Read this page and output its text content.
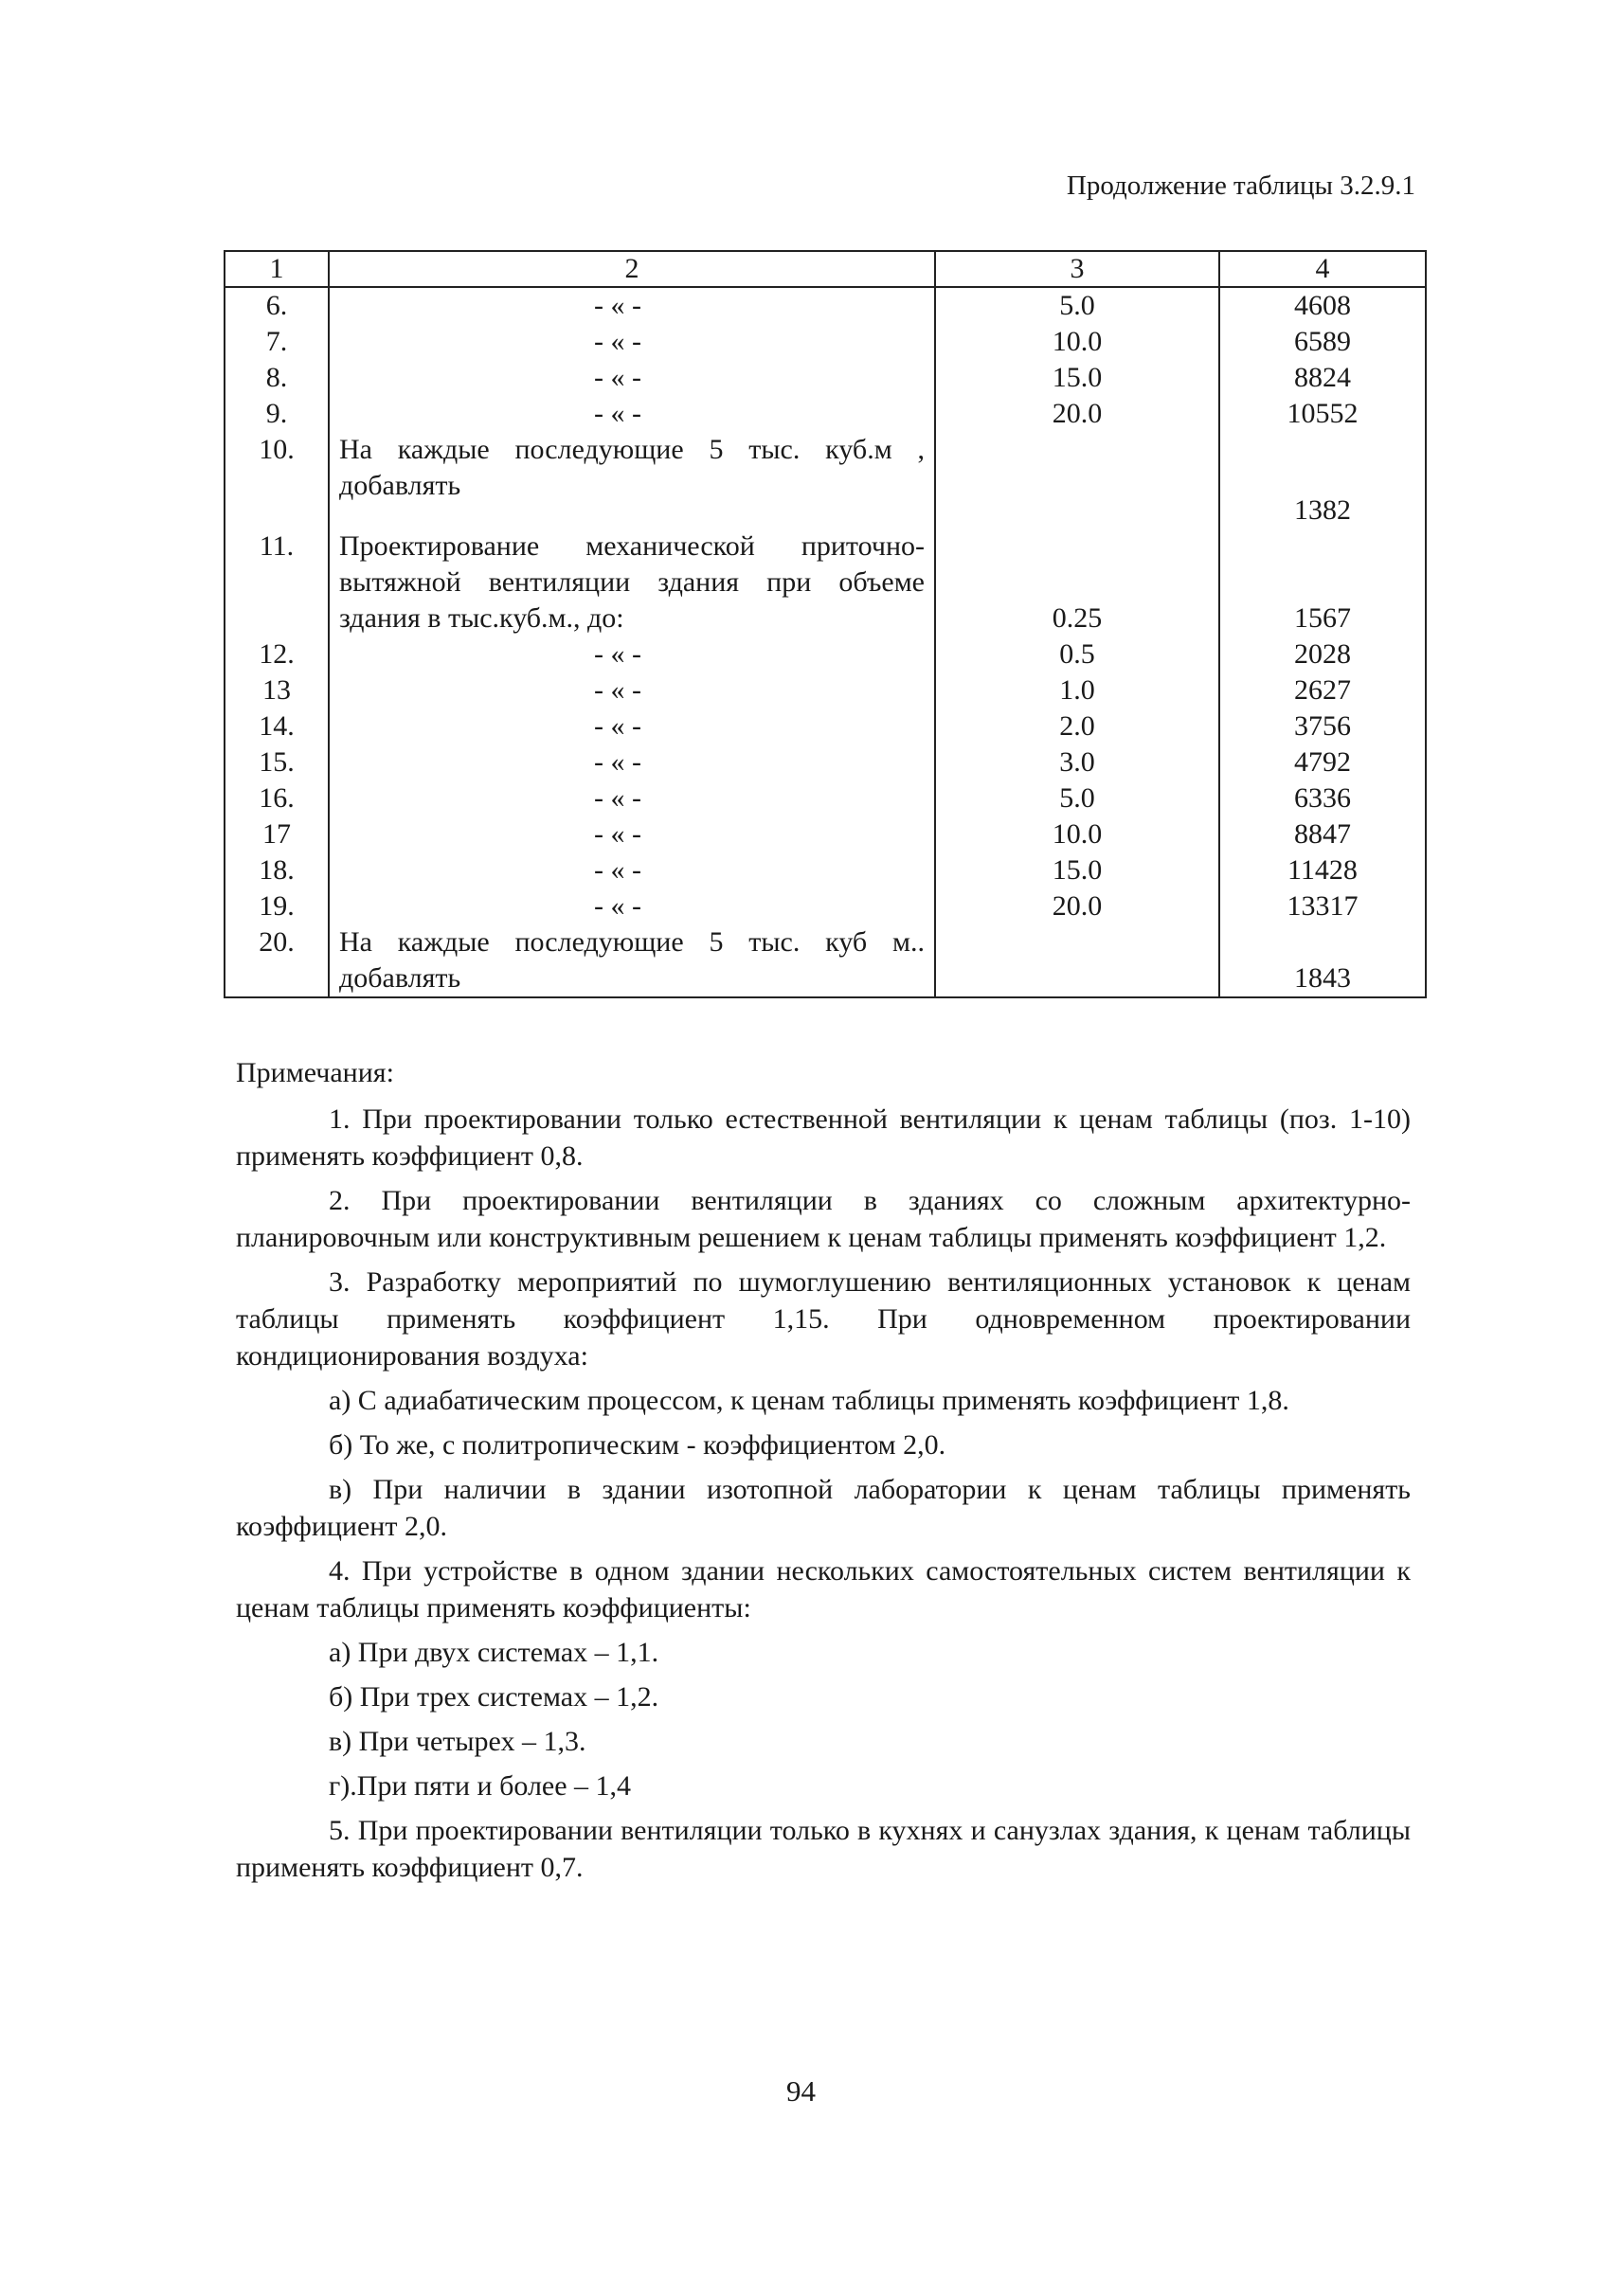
Продолжение таблицы 3.2.9.1
1	2	3	4
6.	- « -	5.0	4608
7.	- « -	10.0	6589
8.	- « -	15.0	8824
9.	- « -	20.0	10552
10.	На каждые последующие 5 тыс. куб.м , добавлять		1382
11.	Проектирование механической приточно-вытяжной вентиляции здания при объеме здания в тыс.куб.м., до:	0.25	1567
12.	- « -	0.5	2028
13	- « -	1.0	2627
14.	- « -	2.0	3756
15.	- « -	3.0	4792
16.	- « -	5.0	6336
17	- « -	10.0	8847
18.	- « -	15.0	11428
19.	- « -	20.0	13317
20.	На каждые последующие 5 тыс. куб м.. добавлять		1843
Примечания:
1. При проектировании только естественной вентиляции к ценам таблицы (поз. 1-10) применять коэффициент 0,8.
2. При проектировании вентиляции в зданиях со сложным архитектурно-планировочным или конструктивным решением к ценам таблицы применять коэффициент 1,2.
3. Разработку мероприятий по шумоглушению вентиляционных установок к ценам таблицы применять коэффициент 1,15. При одновременном проектировании кондиционирования воздуха:
а) С адиабатическим процессом, к ценам таблицы применять коэффициент 1,8.
б) То же, с политропическим - коэффициентом 2,0.
в) При наличии в здании изотопной лаборатории к ценам таблицы применять коэффициент 2,0.
4. При устройстве в одном здании нескольких самостоятельных систем вентиляции к ценам таблицы применять коэффициенты:
а) При двух системах – 1,1.
б) При трех системах – 1,2.
в) При четырех – 1,3.
г).При пяти и более – 1,4
5. При проектировании вентиляции только в кухнях и санузлах здания, к ценам таблицы применять коэффициент 0,7.
94
